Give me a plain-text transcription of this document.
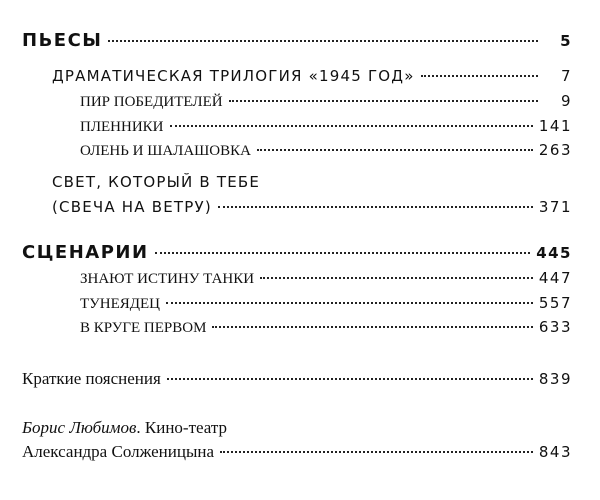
ПЬЕСЫ	5
ДРАМАТИЧЕСКАЯ ТРИЛОГИЯ «1945 ГОД»	7
ПИР ПОБЕДИТЕЛЕЙ	9
ПЛЕННИКИ	141
ОЛЕНЬ И ШАЛАШОВКА	263
СВЕТ, КОТОРЫЙ В ТЕБЕ
(СВЕЧА НА ВЕТРУ)	371
СЦЕНАРИИ	445
ЗНАЮТ ИСТИНУ ТАНКИ	447
ТУНЕЯДЕЦ	557
В КРУГЕ ПЕРВОМ	633
Краткие пояснения	839
Борис Любимов . Кино-театр
Александра Солженицына	843
